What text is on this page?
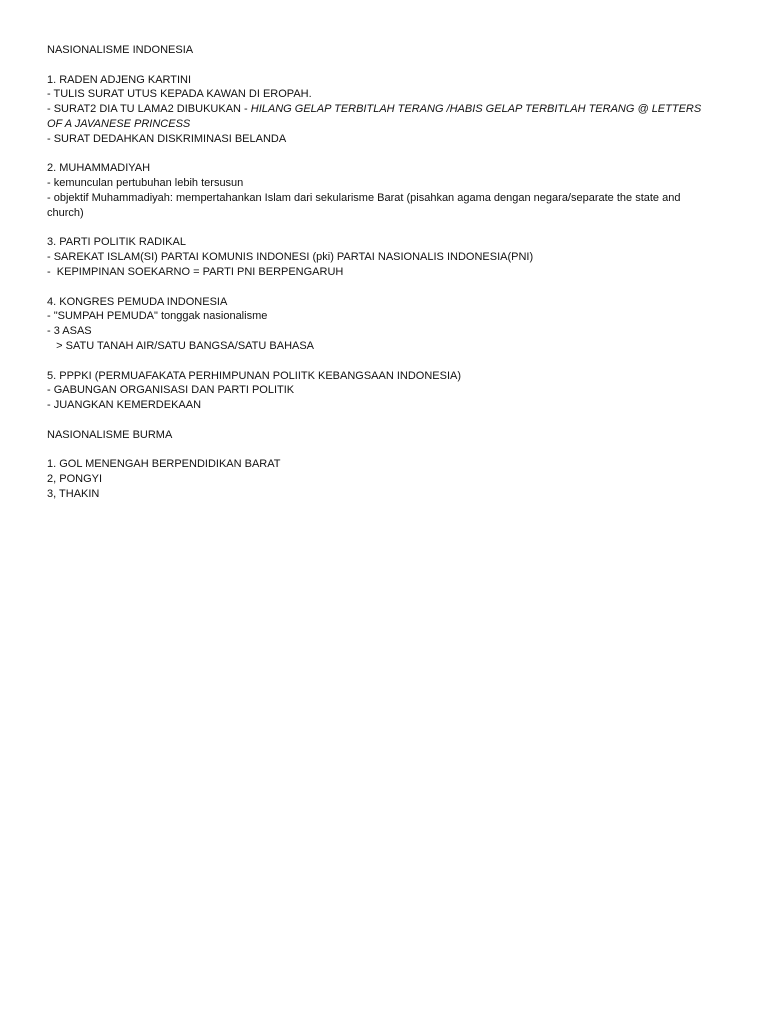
NASIONALISME INDONESIA
1. RADEN ADJENG KARTINI
- TULIS SURAT UTUS KEPADA KAWAN DI EROPAH.
- SURAT2 DIA TU LAMA2 DIBUKUKAN - HILANG GELAP TERBITLAH TERANG /HABIS GELAP TERBITLAH TERANG @ LETTERS OF A JAVANESE PRINCESS
- SURAT DEDAHKAN DISKRIMINASI BELANDA
2. MUHAMMADIYAH
- kemunculan pertubuhan lebih tersusun
- objektif Muhammadiyah: mempertahankan Islam dari sekularisme Barat (pisahkan agama dengan negara/separate the state and church)
3. PARTI POLITIK RADIKAL
- SAREKAT ISLAM(SI) PARTAI KOMUNIS INDONESI (pki) PARTAI NASIONALIS INDONESIA(PNI)
-  KEPIMPINAN SOEKARNO = PARTI PNI BERPENGARUH
4. KONGRES PEMUDA INDONESIA
- "SUMPAH PEMUDA" tonggak nasionalisme
- 3 ASAS
> SATU TANAH AIR/SATU BANGSA/SATU BAHASA
5. PPPKI (PERMUAFAKATA PERHIMPUNAN POLIITK KEBANGSAAN INDONESIA)
- GABUNGAN ORGANISASI DAN PARTI POLITIK
- JUANGKAN KEMERDEKAAN
NASIONALISME BURMA
1. GOL MENENGAH BERPENDIDIKAN BARAT
2, PONGYI
3, THAKIN
